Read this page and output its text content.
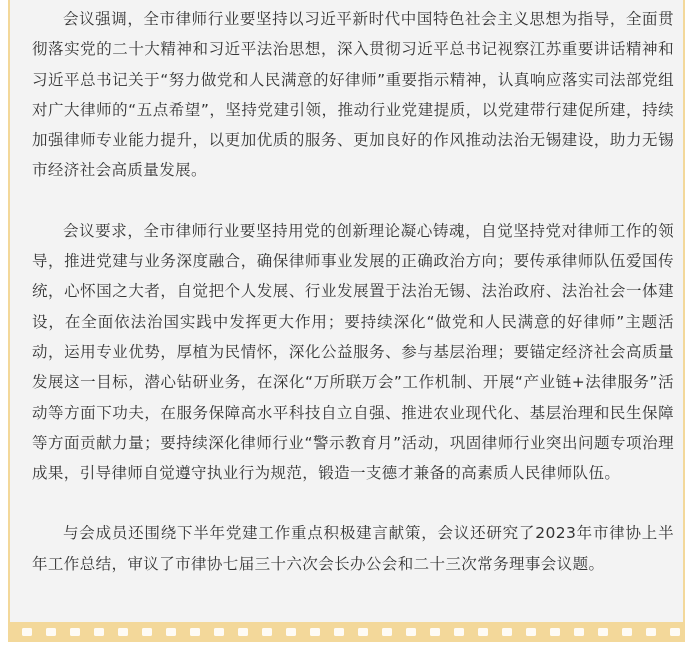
会议强调，全市律师行业要坚持以习近平新时代中国特色社会主义思想为指导，全面贯彻落实党的二十大精神和习近平法治思想，深入贯彻习近平总书记视察江苏重要讲话精神和习近平总书记关于“努力做党和人民满意的好律师”重要指示精神，认真响应落实司法部党组对广大律师的“五点希望”，坚持党建引领，推动行业党建提质，以党建带行建促所建，持续加强律师专业能力提升，以更加优质的服务、更加良好的作风推动法治无锡建设，助力无锡市经济社会高质量发展。

会议要求，全市律师行业要坚持用党的创新理论凝心铸魂，自觉坚持党对律师工作的领导，推进党建与业务深度融合，确保律师事业发展的正确政治方向；要传承律师队伍爱国传统，心怀国之大者，自觉把个人发展、行业发展置于法治无锡、法治政府、法治社会一体建设，在全面依法治国实践中发挥更大作用；要持续深化“做党和人民满意的好律师”主题活动，运用专业优势，厚植为民情怀，深化公益服务、参与基层治理；要锚定经济社会高质量发展这一目标，潜心钻研业务，在深化“万所联万会”工作机制、开展“产业链+法律服务”活动等方面下功夫，在服务保障高水平科技自立自强、推进农业现代化、基层治理和民生保障等方面贡献力量；要持续深化律师行业“警示教育月”活动，巩固律师行业突出问题专项治理成果，引导律师自觉遵守执业行为规范，锻造一支德才兼备的高素质人民律师队伍。

与会成员还围绕下半年党建工作重点积极建言献策，会议还研究了2023年市律协上半年工作总结，审议了市律协七届三十六次会长办公会和二十三次常务理事会议题。
